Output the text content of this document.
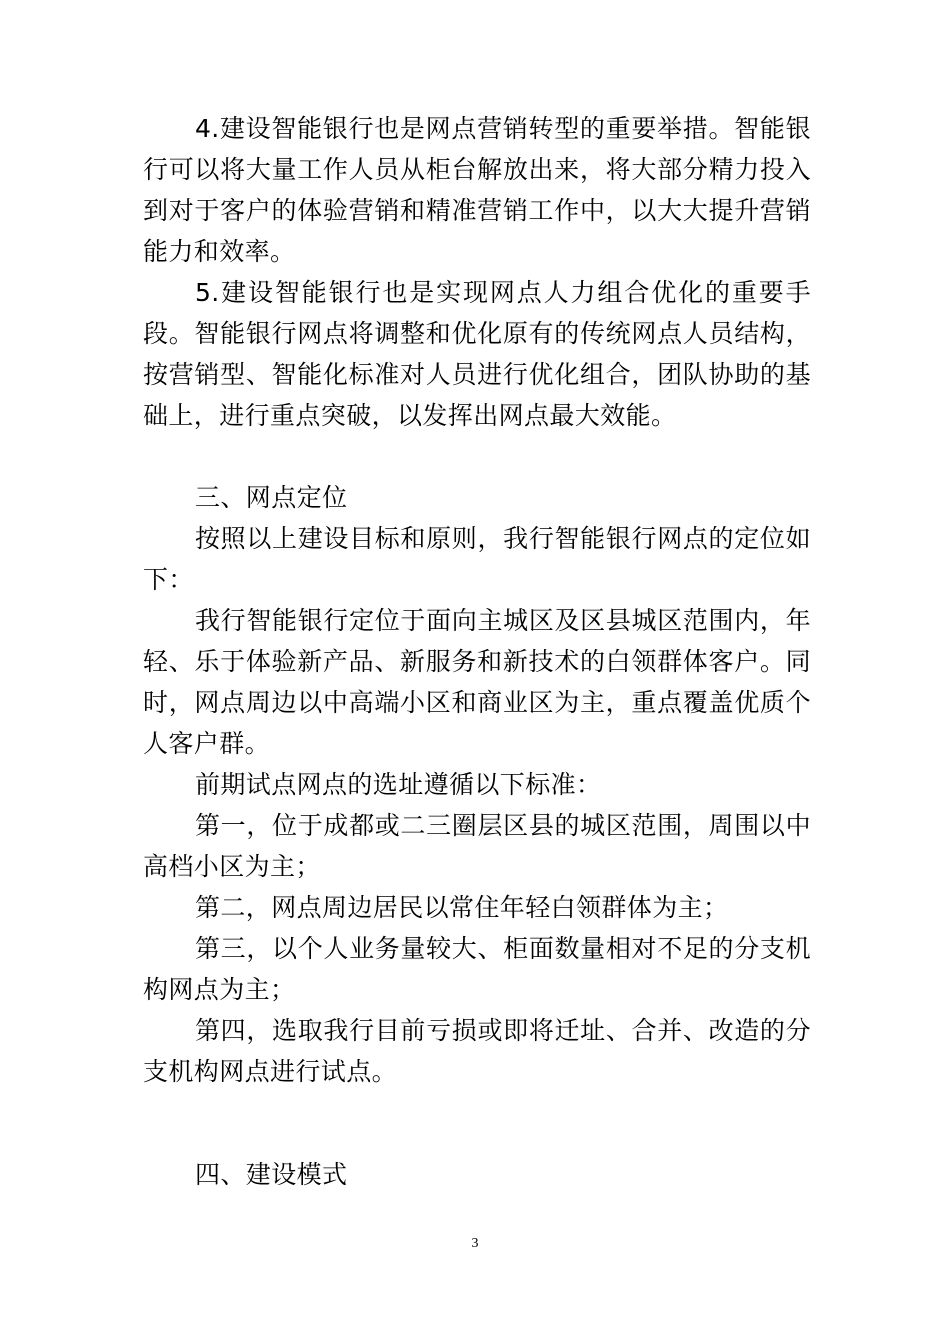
4.建设智能银行也是网点营销转型的重要举措。智能银行可以将大量工作人员从柜台解放出来，将大部分精力投入到对于客户的体验营销和精准营销工作中，以大大提升营销能力和效率。

5.建设智能银行也是实现网点人力组合优化的重要手段。智能银行网点将调整和优化原有的传统网点人员结构，按营销型、智能化标准对人员进行优化组合，团队协助的基础上，进行重点突破，以发挥出网点最大效能。

三、网点定位

按照以上建设目标和原则，我行智能银行网点的定位如下：

我行智能银行定位于面向主城区及区县城区范围内，年轻、乐于体验新产品、新服务和新技术的白领群体客户。同时，网点周边以中高端小区和商业区为主，重点覆盖优质个人客户群。

前期试点网点的选址遵循以下标准：

第一，位于成都或二三圈层区县的城区范围，周围以中高档小区为主；

第二，网点周边居民以常住年轻白领群体为主；

第三，以个人业务量较大、柜面数量相对不足的分支机构网点为主；

第四，选取我行目前亏损或即将迁址、合并、改造的分支机构网点进行试点。

四、建设模式

3
